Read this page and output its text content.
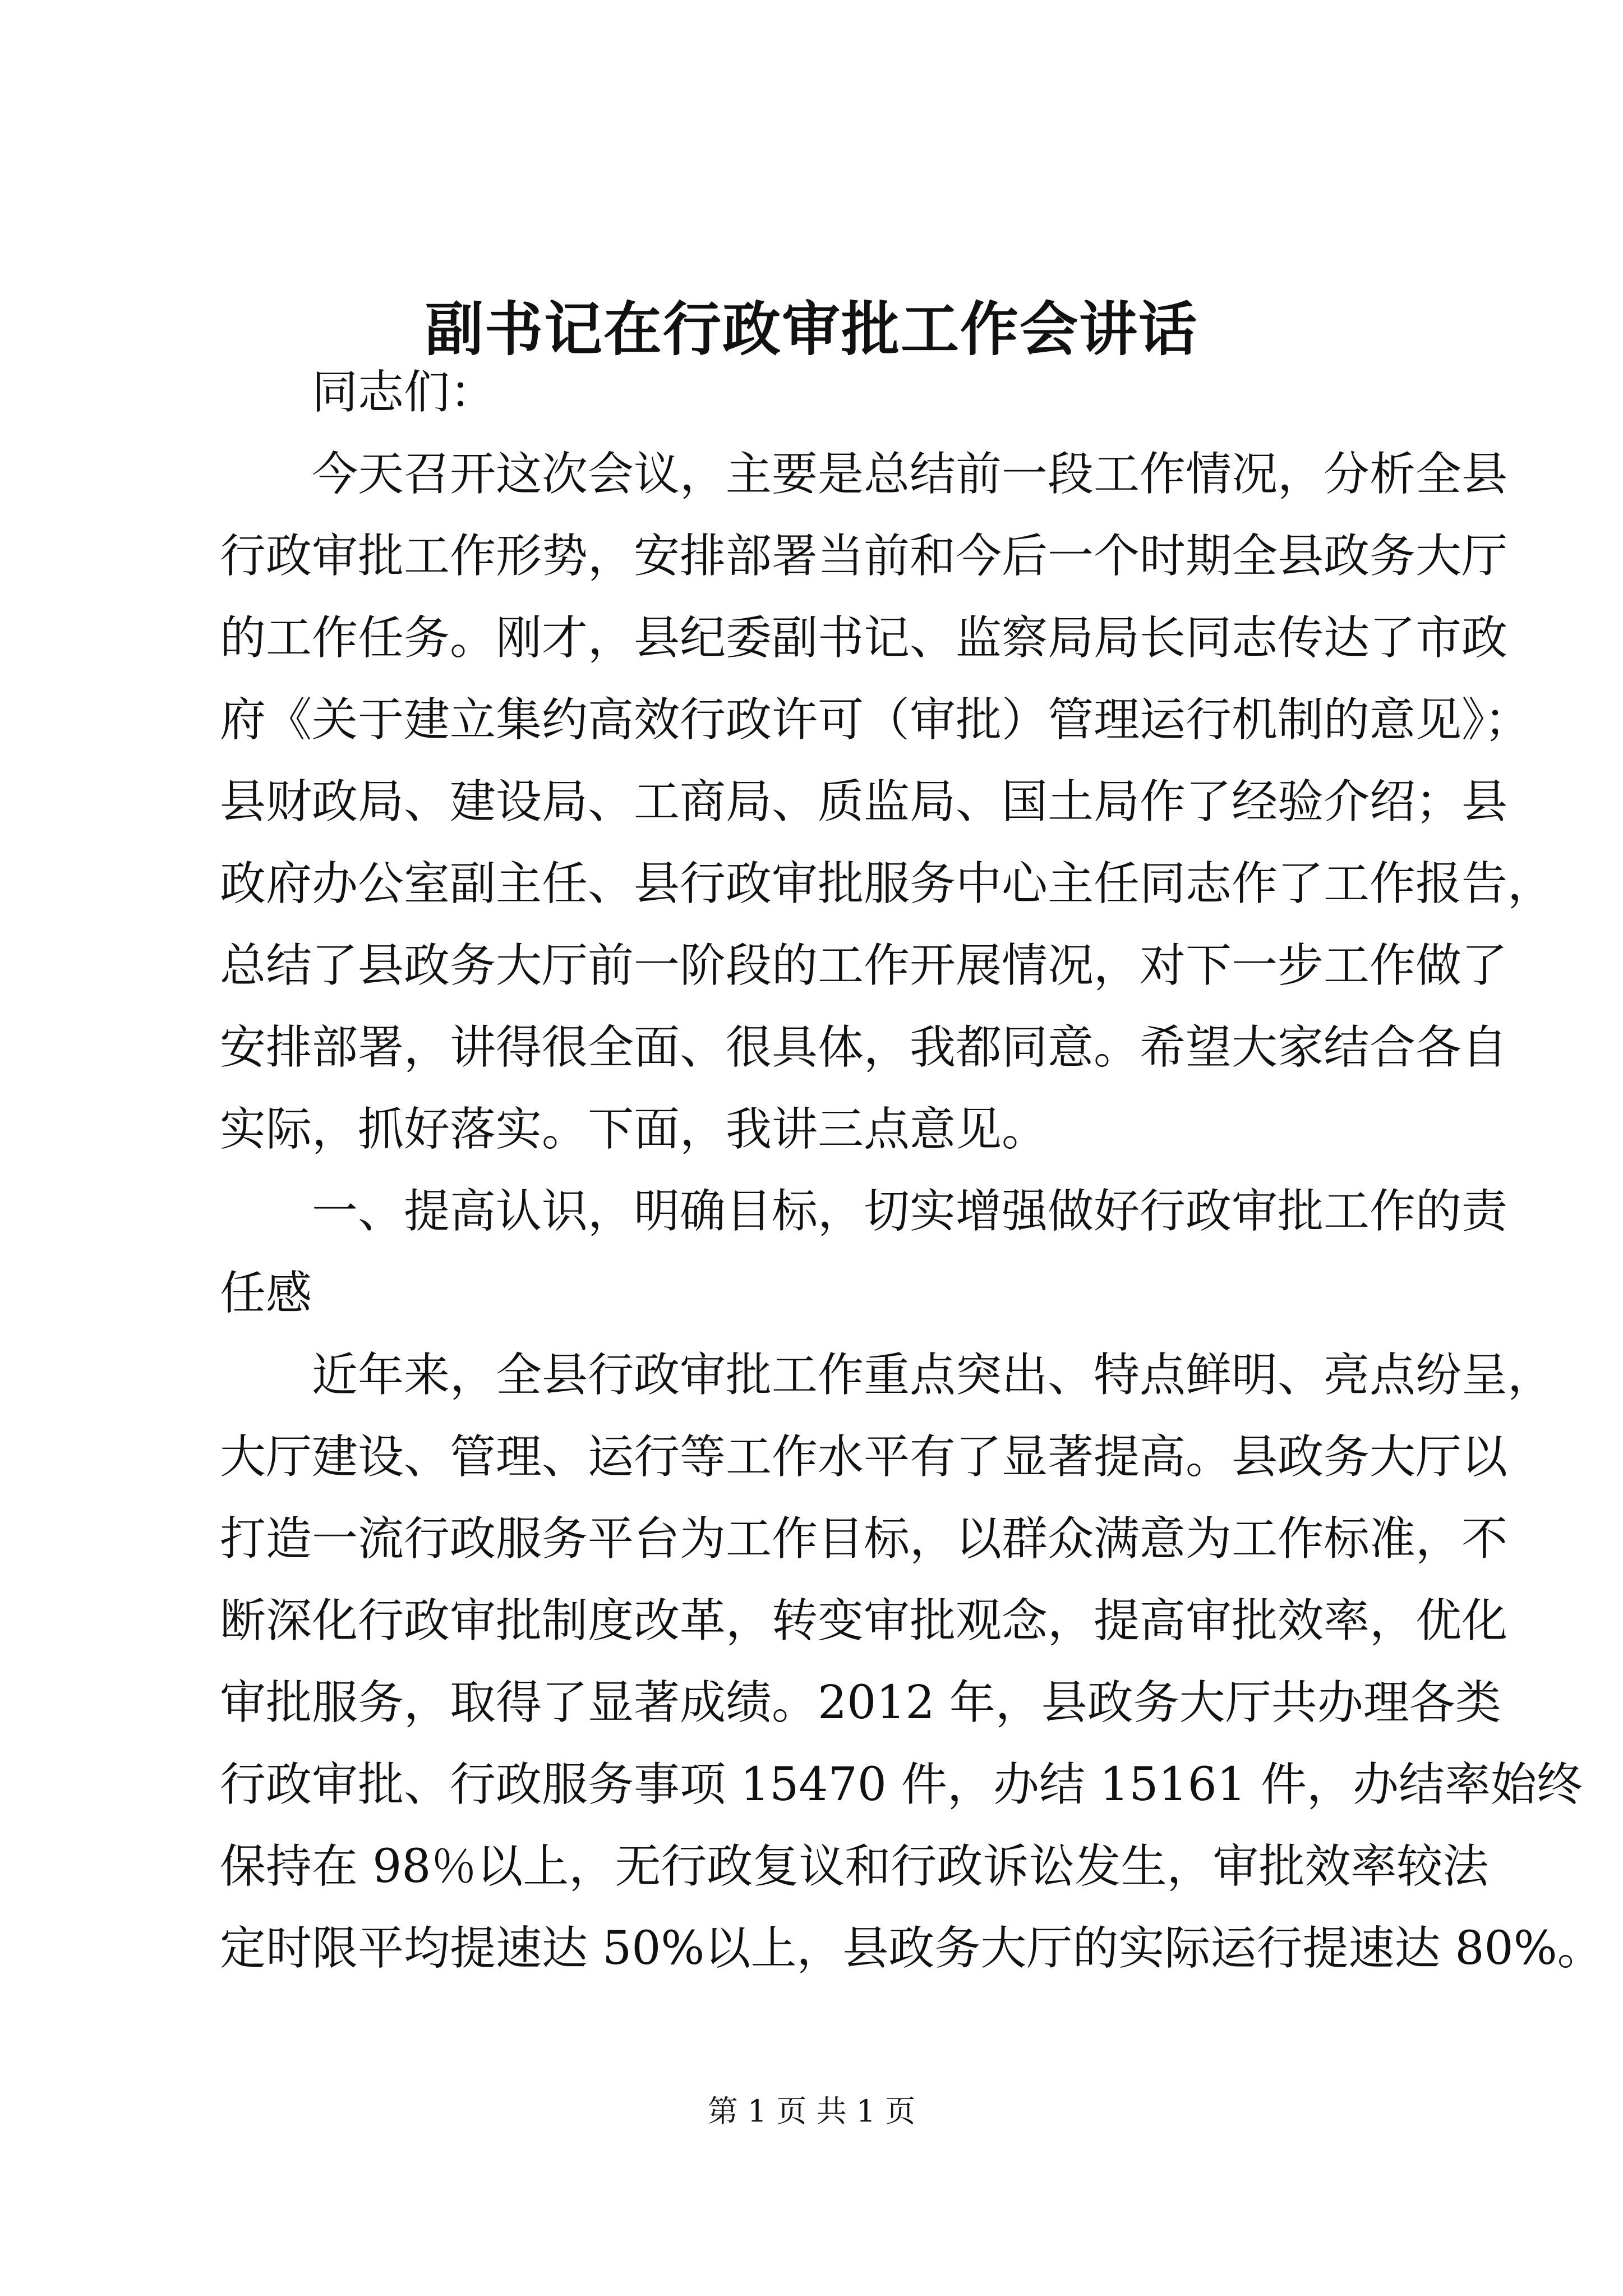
副书记在行政审批工作会讲话
同志们：
今天召开这次会议，主要是总结前一段工作情况，分析全县
行政审批工作形势，安排部署当前和今后一个时期全县政务大厅
的工作任务。刚才，县纪委副书记、监察局局长同志传达了市政
府《关于建立集约高效行政许可（审批）管理运行机制的意见》；
县财政局、建设局、工商局、质监局、国土局作了经验介绍；县
政府办公室副主任、县行政审批服务中心主任同志作了工作报告，
总结了县政务大厅前一阶段的工作开展情况，对下一步工作做了
安排部署，讲得很全面、很具体，我都同意。希望大家结合各自
实际，抓好落实。下面，我讲三点意见。
一、提高认识，明确目标，切实增强做好行政审批工作的责
任感
近年来，全县行政审批工作重点突出、特点鲜明、亮点纷呈，
大厅建设、管理、运行等工作水平有了显著提高。县政务大厅以
打造一流行政服务平台为工作目标，以群众满意为工作标准，不
断深化行政审批制度改革，转变审批观念，提高审批效率，优化
审批服务，取得了显著成绩。2012 年，县政务大厅共办理各类
行政审批、行政服务事项 15470 件，办结 15161 件，办结率始终
保持在 98％以上，无行政复议和行政诉讼发生，审批效率较法
定时限平均提速达 50%以上，县政务大厅的实际运行提速达 80%。
第 1 页 共 1 页
